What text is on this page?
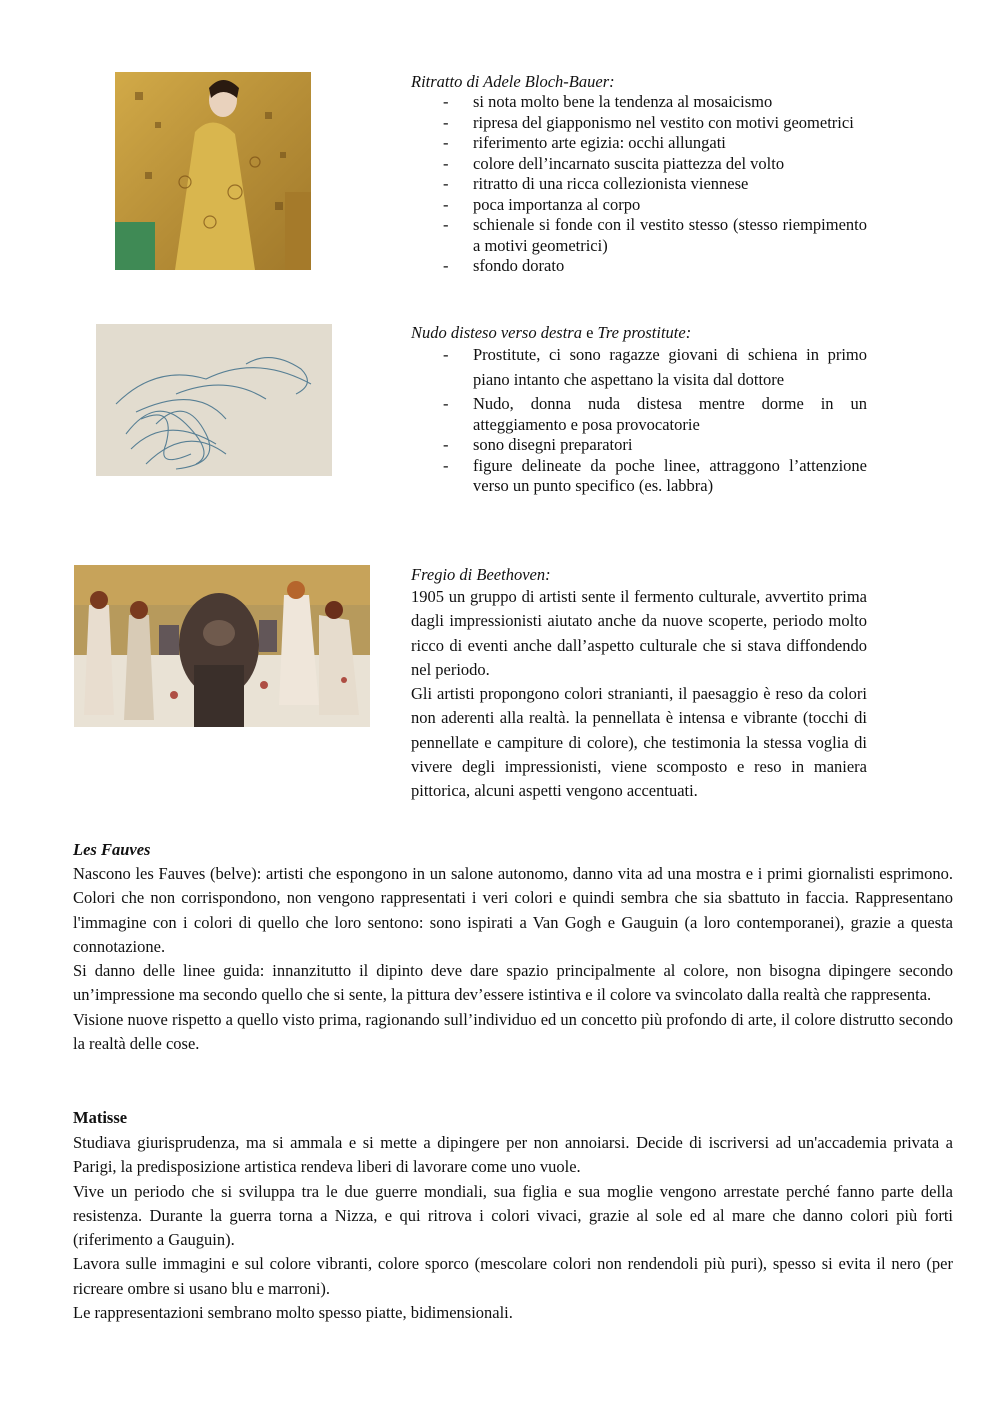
Ritratto di Adele Bloch-Bauer:
- si nota molto bene la tendenza al mosaicismo
- ripresa del giapponismo nel vestito con motivi geometrici
- riferimento arte egizia: occhi allungati
- colore dell’incarnato suscita piattezza del volto
- ritratto di una ricca collezionista viennese
- poca importanza al corpo
- schienale si fonde con il vestito stesso (stesso riempimento a motivi geometrici)
- sfondo dorato
Nudo disteso verso destra e Tre prostitute:
- Prostitute, ci sono ragazze giovani di schiena in primo piano intanto che aspettano la visita dal dottore
- Nudo, donna nuda distesa mentre dorme in un atteggiamento e posa provocatorie
- sono disegni preparatori
- figure delineate da poche linee, attraggono l’attenzione verso un punto specifico (es. labbra)
Fregio di Beethoven:

1905 un gruppo di artisti sente il fermento culturale, avvertito prima dagli impressionisti aiutato anche da nuove scoperte, periodo molto ricco di eventi anche dall’aspetto culturale che si stava diffondendo nel periodo.

Gli artisti propongono colori stranianti, il paesaggio è reso da colori non aderenti alla realtà. la pennellata è intensa e vibrante (tocchi di pennellate e campiture di colore), che testimonia la stessa voglia di vivere degli impressionisti, viene scomposto e reso in maniera pittorica, alcuni aspetti vengono accentuati.

Les Fauves

Nascono les Fauves (belve): artisti che espongono in un salone autonomo, danno vita ad una mostra e i primi giornalisti esprimono. Colori che non corrispondono, non vengono rappresentati i veri colori e quindi sembra che sia sbattuto in faccia. Rappresentano l'immagine con i colori di quello che loro sentono: sono ispirati a Van Gogh e Gauguin (a loro contemporanei), grazie a questa connotazione.

Si danno delle linee guida: innanzitutto il dipinto deve dare spazio principalmente al colore, non bisogna dipingere secondo un’impressione ma secondo quello che si sente, la pittura dev’essere istintiva e il colore va svincolato dalla realtà che rappresenta.

Visione nuove rispetto a quello visto prima, ragionando sull’individuo ed un concetto più profondo di arte, il colore distrutto secondo la realtà delle cose.

Matisse

Studiava giurisprudenza, ma si ammala e si mette a dipingere per non annoiarsi. Decide di iscriversi ad un'accademia privata a Parigi, la predisposizione artistica rendeva liberi di lavorare come uno vuole.

Vive un periodo che si sviluppa tra le due guerre mondiali, sua figlia e sua moglie vengono arrestate perché fanno parte della resistenza. Durante la guerra torna a Nizza, e qui ritrova i colori vivaci, grazie al sole ed al mare che danno colori più forti (riferimento a Gauguin).

Lavora sulle immagini e sul colore vibranti, colore sporco (mescolare colori non rendendoli più puri), spesso si evita il nero (per ricreare ombre si usano blu e marroni).

Le rappresentazioni sembrano molto spesso piatte, bidimensionali.
